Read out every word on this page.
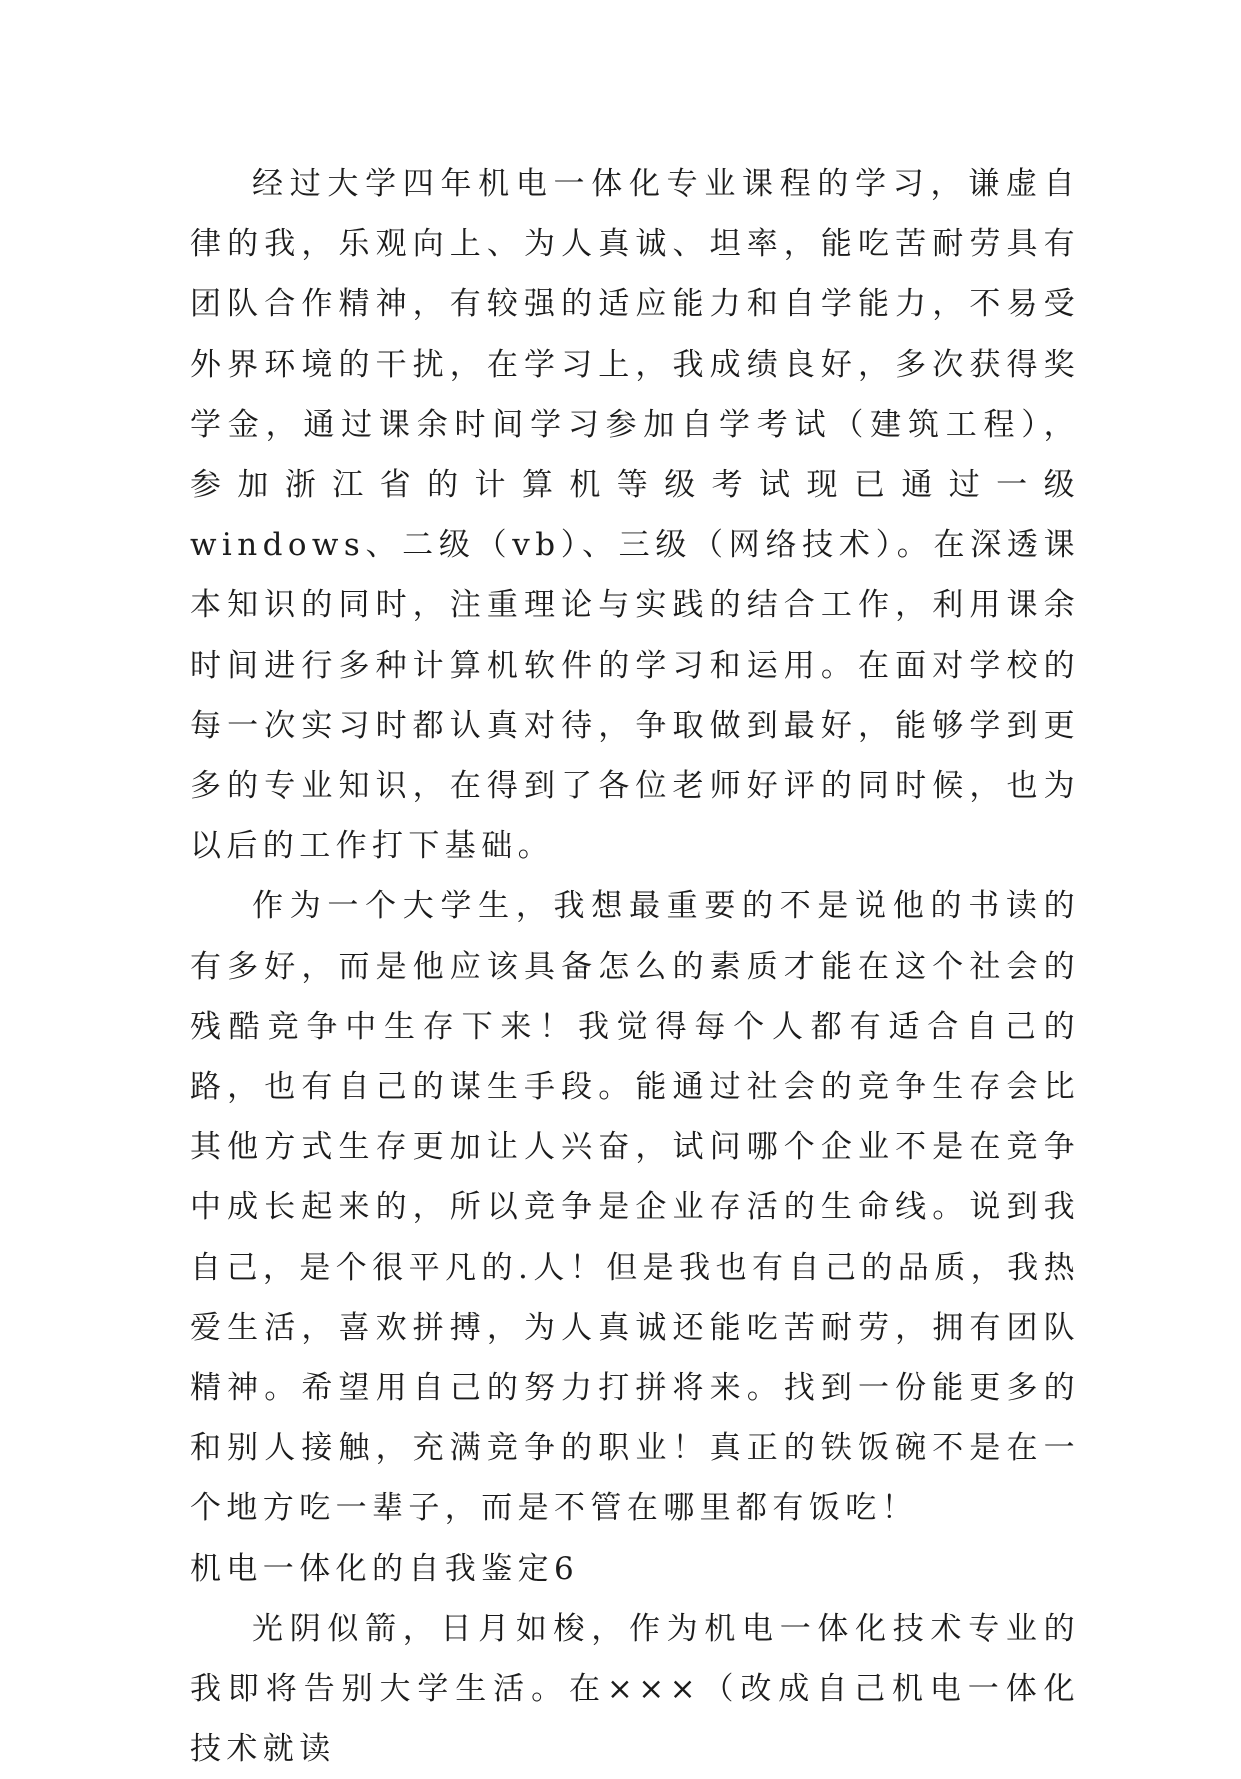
经过大学四年机电一体化专业课程的学习，谦虚自律的我，乐观向上、为人真诚、坦率，能吃苦耐劳具有团队合作精神，有较强的适应能力和自学能力，不易受外界环境的干扰，在学习上，我成绩良好，多次获得奖学金，通过课余时间学习参加自学考试（建筑工程），参加浙江省的计算机等级考试现已通过一级windows、二级（vb）、三级（网络技术）。在深透课本知识的同时，注重理论与实践的结合工作，利用课余时间进行多种计算机软件的学习和运用。在面对学校的每一次实习时都认真对待，争取做到最好，能够学到更多的专业知识，在得到了各位老师好评的同时候，也为以后的工作打下基础。

作为一个大学生，我想最重要的不是说他的书读的有多好，而是他应该具备怎么的素质才能在这个社会的残酷竞争中生存下来！我觉得每个人都有适合自己的路，也有自己的谋生手段。能通过社会的竞争生存会比其他方式生存更加让人兴奋，试问哪个企业不是在竞争中成长起来的，所以竞争是企业存活的生命线。说到我自己，是个很平凡的.人！但是我也有自己的品质，我热爱生活，喜欢拼搏，为人真诚还能吃苦耐劳，拥有团队精神。希望用自己的努力打拼将来。找到一份能更多的和别人接触，充满竞争的职业！真正的铁饭碗不是在一个地方吃一辈子，而是不管在哪里都有饭吃！

机电一体化的自我鉴定6

光阴似箭，日月如梭，作为机电一体化技术专业的我即将告别大学生活。在×××（改成自己机电一体化技术就读
